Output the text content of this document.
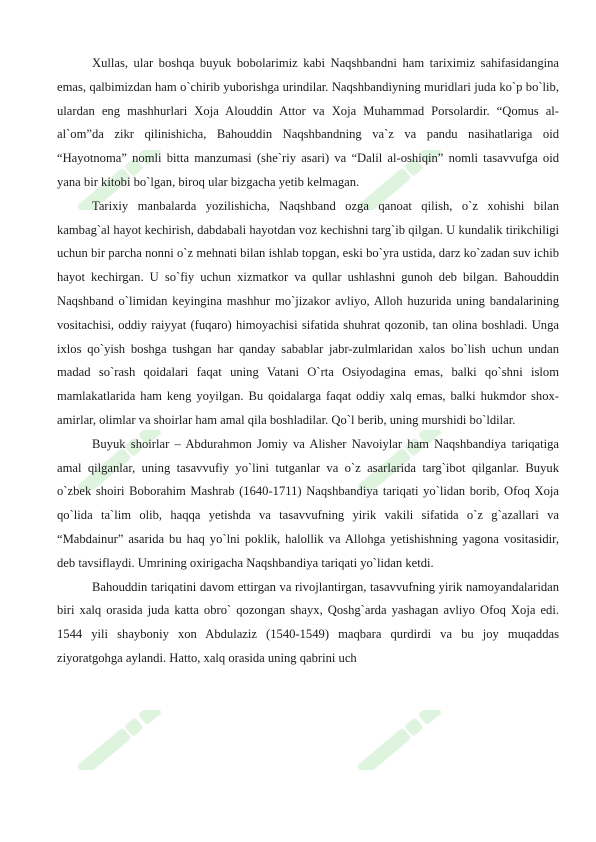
Xullas, ular boshqa buyuk bobolarimiz kabi Naqshbandni ham tariximiz sahifasidangina emas, qalbimizdan ham o`chirib yuborishga urindilar. Naqshbandiyning muridlari juda ko`p bo`lib, ulardan eng mashhurlari Xoja Alouddin Attor va Xoja Muhammad Porsolardir. “Qomus al-al`om”da zikr qilinishicha, Bahouddin Naqshbandning va`z va pandu nasihatlariga oid “Hayotnoma” nomli bitta manzumasi (she`riy asari) va “Dalil al-oshiqin” nomli tasavvufga oid yana bir kitobi bo`lgan, biroq ular bizgacha yetib kelmagan.

Tarixiy manbalarda yozilishicha, Naqshband ozga qanoat qilish, o`z xohishi bilan kambag`al hayot kechirish, dabdabali hayotdan voz kechishni targ`ib qilgan. U kundalik tirikchiligi uchun bir parcha nonni o`z mehnati bilan ishlab topgan, eski bo`yra ustida, darz ko`zadan suv ichib hayot kechirgan. U so`fiy uchun xizmatkor va qullar ushlashni gunoh deb bilgan. Bahouddin Naqshband o`limidan keyingina mashhur mo`jizakor avliyo, Alloh huzurida uning bandalarining vositachisi, oddiy raiyyat (fuqaro) himoyachisi sifatida shuhrat qozonib, tan olina boshladi. Unga ixlos qo`yish boshga tushgan har qanday sabablar jabr-zulmlaridan xalos bo`lish uchun undan madad so`rash qoidalari faqat uning Vatani O`rta Osiyodagina emas, balki qo`shni islom mamlakatlarida ham keng yoyilgan. Bu qoidalarga faqat oddiy xalq emas, balki hukmdor shox-amirlar, olimlar va shoirlar ham amal qila boshladilar. Qo`l berib, uning murshidi bo`ldilar.

Buyuk shoirlar – Abdurahmon Jomiy va Alisher Navoiylar ham Naqshbandiya tariqatiga amal qilganlar, uning tasavvufiy yo`lini tutganlar va o`z asarlarida targ`ibot qilganlar. Buyuk o`zbek shoiri Boborahim Mashrab (1640-1711) Naqshbandiya tariqati yo`lidan borib, Ofoq Xoja qo`lida ta`lim olib, haqqa yetishda va tasavvufning yirik vakili sifatida o`z g`azallari va “Mabdainur” asarida bu haq yo`lni poklik, halollik va Allohga yetishishning yagona vositasidir, deb tavsiflaydi. Umrining oxirigacha Naqshbandiya tariqati yo`lidan ketdi.

Bahouddin tariqatini davom ettirgan va rivojlantirgan, tasavvufning yirik namoyandalaridan biri xalq orasida juda katta obro` qozongan shayx, Qoshg`arda yashagan avliyo Ofoq Xoja edi. 1544 yili shayboniy xon Abdulaziz (1540-1549) maqbara qurdirdi va bu joy muqaddas ziyoratgohga aylandi. Hatto, xalq orasida uning qabrini uch
